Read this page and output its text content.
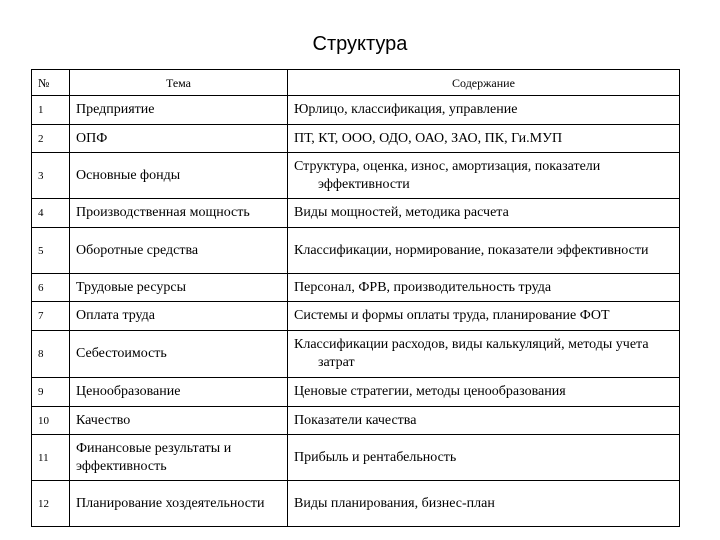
Структура
№	Тема	Содержание
1	Предприятие	Юрлицо, классификация, управление
2	ОПФ	ПТ, КТ, ООО, ОДО, ОАО, ЗАО, ПК, Ги.МУП
3	Основные фонды	Структура, оценка, износ, амортизация, показатели эффективности

4	Производственная мощность	Виды мощностей, методика расчета
5	Оборотные средства	Классификации, нормирование, показатели эффективности

6	Трудовые ресурсы	Персонал, ФРВ, производительность труда
7	Оплата труда	Системы и формы оплаты труда, планирование ФОТ
8	Себестоимость	Классификации расходов, виды калькуляций, методы учета затрат

9	Ценообразование	Ценовые стратегии, методы ценообразования
10	Качество	Показатели качества
11	Финансовые результаты и эффективность	Прибыль и рентабельность
12	Планирование хоздеятельности	Виды планирования, бизнес-план
